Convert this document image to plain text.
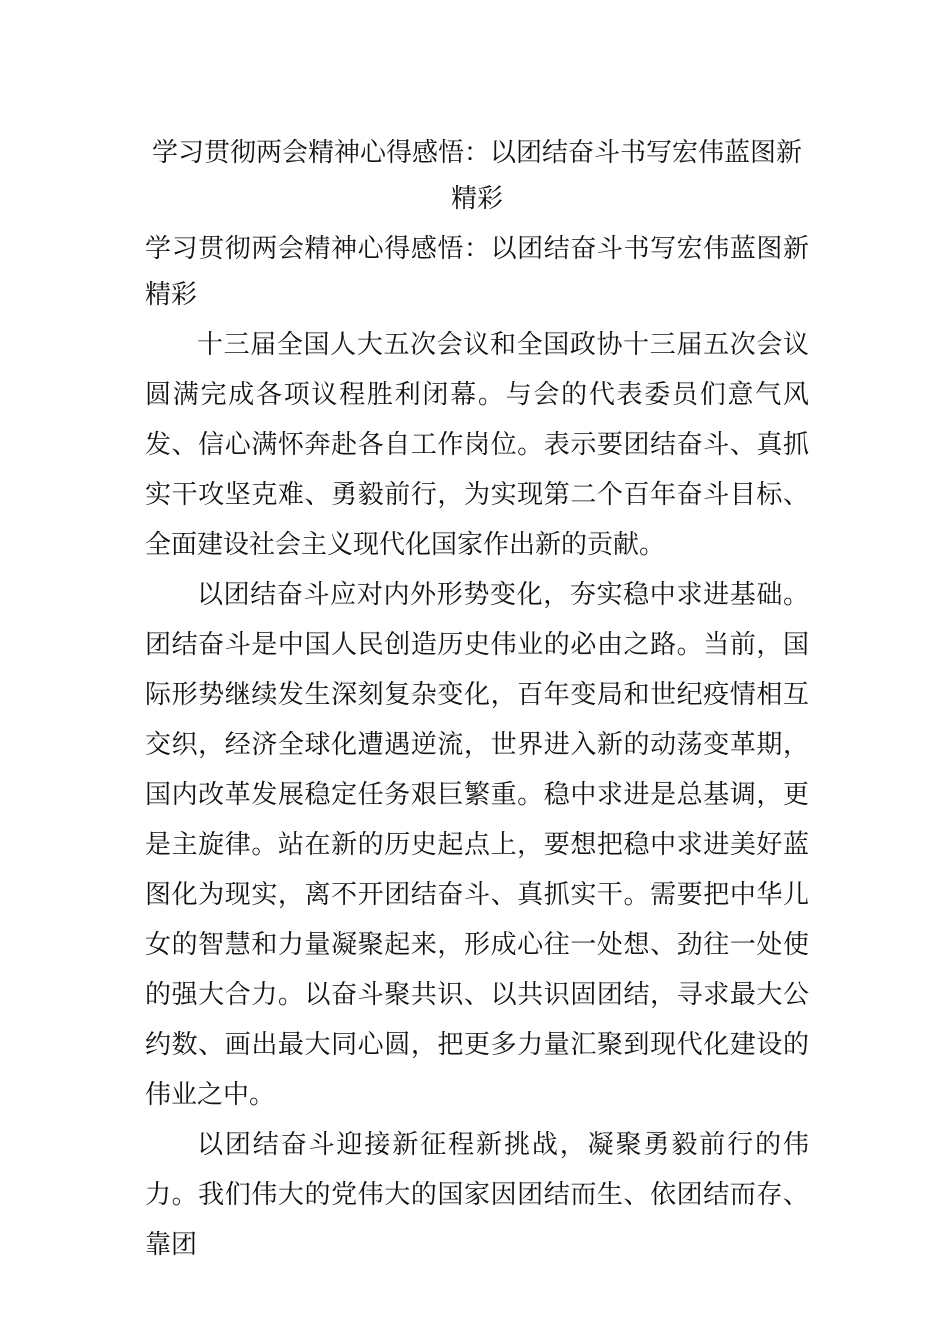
学习贯彻两会精神心得感悟：以团结奋斗书写宏伟蓝图新精彩

学习贯彻两会精神心得感悟：以团结奋斗书写宏伟蓝图新精彩

十三届全国人大五次会议和全国政协十三届五次会议圆满完成各项议程胜利闭幕。与会的代表委员们意气风发、信心满怀奔赴各自工作岗位。表示要团结奋斗、真抓实干攻坚克难、勇毅前行，为实现第二个百年奋斗目标、全面建设社会主义现代化国家作出新的贡献。

以团结奋斗应对内外形势变化，夯实稳中求进基础。团结奋斗是中国人民创造历史伟业的必由之路。当前，国际形势继续发生深刻复杂变化，百年变局和世纪疫情相互交织，经济全球化遭遇逆流，世界进入新的动荡变革期，国内改革发展稳定任务艰巨繁重。稳中求进是总基调，更是主旋律。站在新的历史起点上，要想把稳中求进美好蓝图化为现实，离不开团结奋斗、真抓实干。需要把中华儿女的智慧和力量凝聚起来，形成心往一处想、劲往一处使的强大合力。以奋斗聚共识、以共识固团结，寻求最大公约数、画出最大同心圆，把更多力量汇聚到现代化建设的伟业之中。

以团结奋斗迎接新征程新挑战，凝聚勇毅前行的伟力。我们伟大的党伟大的国家因团结而生、依团结而存、靠团
